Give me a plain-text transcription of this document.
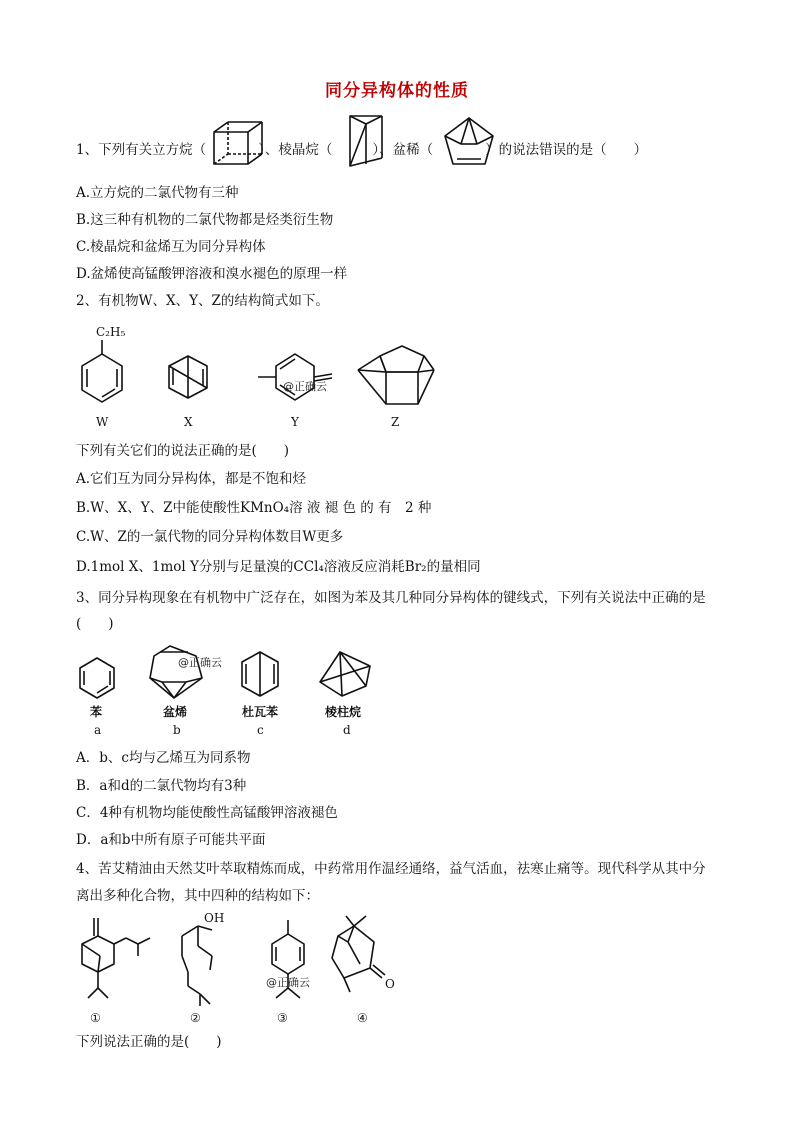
同分异构体的性质
1、下列有关立方烷（	）、棱晶烷（	）、盆稀（	）的说法错误的是（　　）
A.立方烷的二氯代物有三种
B.这三种有机物的二氯代物都是烃类衍生物
C.棱晶烷和盆烯互为同分异构体
D.盆烯使高锰酸钾溶液和溴水褪色的原理一样
2、有机物W、X、Y、Z的结构简式如下。
C₂H₅
W	X	Y	Z
@正确云
下列有关它们的说法正确的是(　　)
A.它们互为同分异构体，都是不饱和烃
B.W、X、Y、Z中能使酸性KMnO₄溶 液 褪 色 的 有　2 种
C.W、Z的一氯代物的同分异构体数目W更多
D.1mol X、1mol Y分别与足量溴的CCl₄溶液反应消耗Br₂的量相同
3、同分异构现象在有机物中广泛存在，如图为苯及其几种同分异构体的键线式，下列有关说法中正确的是
(　　)
苯	盆烯	杜瓦苯	棱柱烷
a	b	c	d
@正确云
A．b、c均与乙烯互为同系物
B．a和d的二氯代物均有3种
C．4种有机物均能使酸性高锰酸钾溶液褪色
D．a和b中所有原子可能共平面
4、苦艾精油由天然艾叶萃取精炼而成，中药常用作温经通络，益气活血，祛寒止痛等。现代科学从其中分
离出多种化合物，其中四种的结构如下：
OH
O
@正确云
①	②	③	④
下列说法正确的是(　　)
